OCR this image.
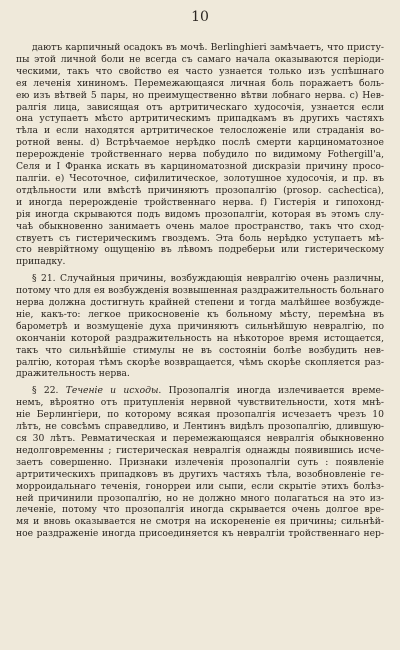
10
даютъ карпичный осадокъ въ мочѣ. Berlinghieri замѣчаетъ, что присту-
пы этой личной боли не всегда съ самаго начала оказываются періоди-
ческими, такъ что свойство ея часто узнается только изъ успѣшнаго
ея леченія хининомъ. Перемежающаяся личная боль поражаетъ боль-
ею изъ вѣтвей 5 пары, но преимущественно вѣтви лобнаго нерва. c) Нев-
ралгія лица, зависящая отъ артритическаго худосочія, узнается если
она уступаетъ мѣсто артритическимъ припадкамъ въ другихъ частяхъ
тѣла и если находятся артритическое телосложеніе или страданія во-
ротной вены. d) Встрѣчаемое нерѣдко послѣ смерти карциноматозное
перерожденіе тройственнаго нерва побудило по видимому Fothergill'a,
Селя и I Франка искать въ карциноматозной дискразіи причину просо-
палгіи. e) Чесоточное, сифилитическое, золотушное худосочія, и пр. въ
отдѣльности или вмѣстѣ причиняютъ прозопалгію (prosop. cachectica),
и иногда перерожденіе тройственнаго нерва. f) Гистерія и гипохонд-
рія иногда скрываются подъ видомъ прозопалгіи, которая въ этомъ слу-
чаѣ обыкновенно занимаетъ очень малое пространство, такъ что сход-
ствуетъ съ гистерическимъ гвоздемъ. Эта боль нерѣдко уступаетъ мѣ-
сто неврійтному ощущенію въ лѣвомъ подреберьи или гистерическому
припадку.
§ 21. Случайныя причины, возбуждающія невралгію очень различны,
потому что для ея возбужденія возвышенная раздражительность больнаго
нерва должна достигнуть крайней степени и тогда малѣйшее возбужде-
ніе, какъ-то: легкое прикосновеніе къ больному мѣсту, перемѣна въ
барометрѣ и возмущеніе духа причиняютъ сильнѣйшую невралгію, по
окончаніи которой раздражительность на нѣкоторое время истощается,
такъ что сильнѣйшіе стимулы не въ состояніи болѣе возбудить нев-
ралгію, которая тѣмъ скорѣе возвращается, чѣмъ скорѣе скопляется раз-
дражительность нерва.
§ 22. Теченіе и исходы. Прозопалгія иногда излечивается време-
немъ, вѣроятно отъ притупленія нервной чувствительности, хотя мнѣ-
ніе Берлингіери, по которому всякая прозопалгія исчезаетъ чрезъ 10
лѣтъ, не совсѣмъ справедливо, и Лентинъ видѣлъ прозопалгію, длившую-
ся 30 лѣтъ. Ревматическая и перемежающаяся невралгія обыкновенно
недолговременны ; гистерическая невралгія однажды появившись исче-
заетъ совершенно. Признаки излеченія прозопалгіи суть : появленіе
артритическихъ припадковъ въ другихъ частяхъ тѣла, возобновленіе ге-
морроидальнаго теченія, гонорреи или сыпи, если скрытіе этихъ болѣз-
ней причинили прозопалгію, но не должно много полагаться на это из-
леченіе, потому что прозопалгія иногда скрывается очень долгое вре-
мя и вновь оказывается не смотря на искорененіе ея причины; сильнѣй-
ное раздраженіе иногда присоединяется къ невралгіи тройственнаго нер-
